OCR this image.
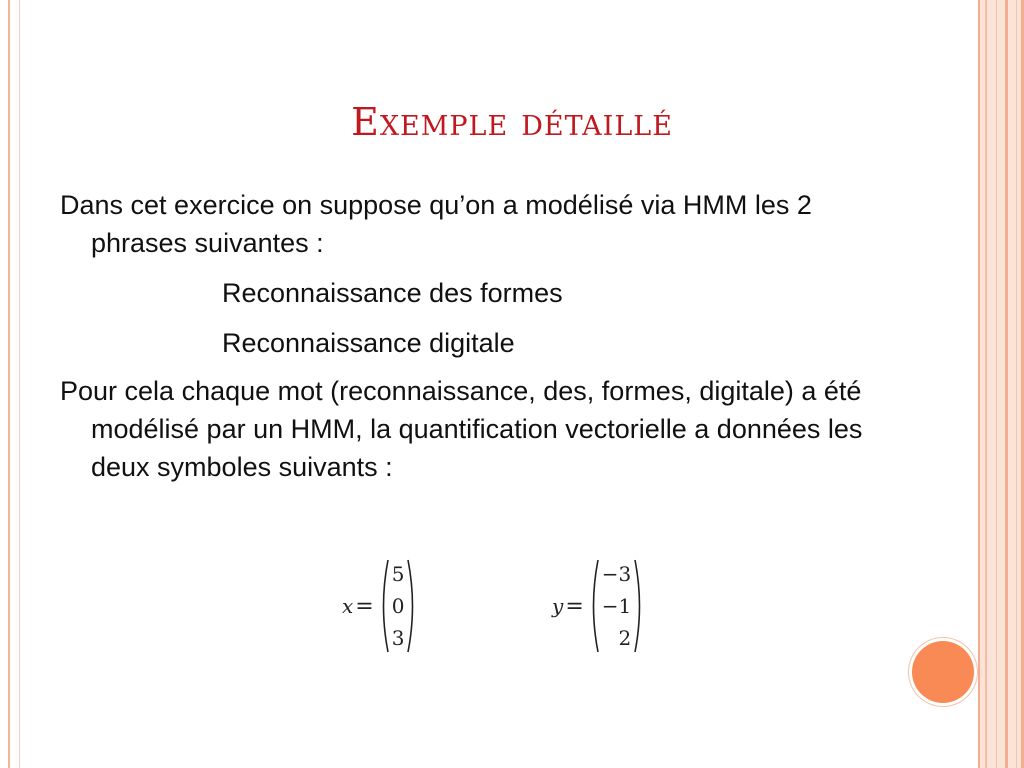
Exemple détaillé

Dans cet exercice on suppose qu’on a modélisé via HMM les 2 phrases suivantes :

Reconnaissance des formes
Reconnaissance digitale

Pour cela chaque mot (reconnaissance, des, formes, digitale) a été modélisé par un HMM, la quantification vectorielle a données les deux symboles suivants :

x =
5
0
3
y =
−3
−1
2
